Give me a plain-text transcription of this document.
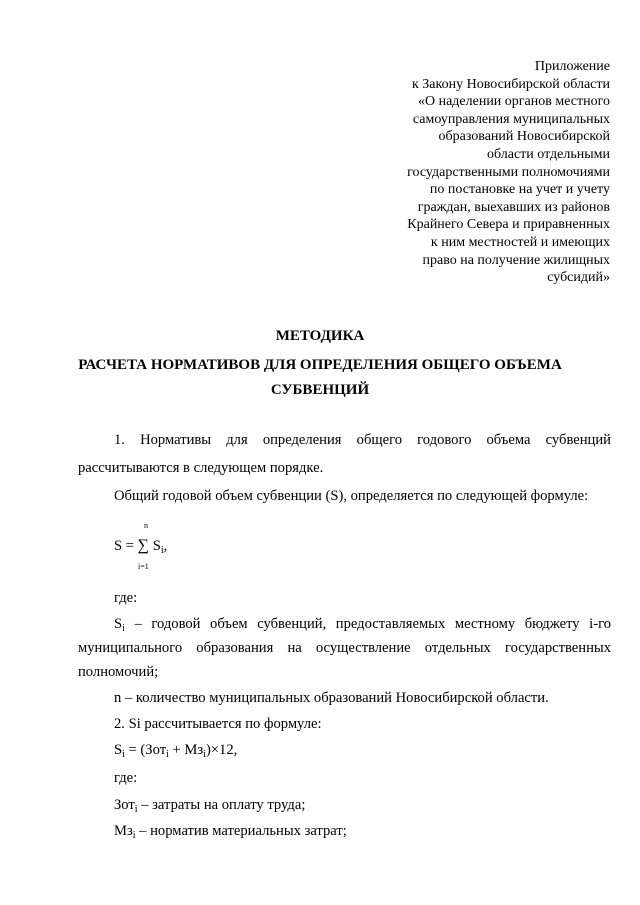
Приложение
к Закону Новосибирской области
«О наделении органов местного
самоуправления муниципальных
образований Новосибирской
области отдельными
государственными полномочиями
по постановке на учет и учету
граждан, выехавших из районов
Крайнего Севера и приравненных
к ним местностей и имеющих
право на получение жилищных
субсидий»
МЕТОДИКА
РАСЧЕТА НОРМАТИВОВ ДЛЯ ОПРЕДЕЛЕНИЯ ОБЩЕГО ОБЪЕМА
СУБВЕНЦИЙ
1. Нормативы для определения общего годового объема субвенций
рассчитываются в следующем порядке.
Общий годовой объем субвенции (S), определяется по следующей формуле:
n
S = ∑ $S_i$,
i=1
где:
$S_i$ – годовой объем субвенций, предоставляемых местному бюджету i-го
муниципального образования на осуществление отдельных государственных
полномочий;
n – количество муниципальных образований Новосибирской области.
2. Si рассчитывается по формуле:
$S_i = (Зот_i + Мз_i)\times 12$,
где:
Зот$_i$ – затраты на оплату труда;
$Мз_i$ – норматив материальных затрат;
